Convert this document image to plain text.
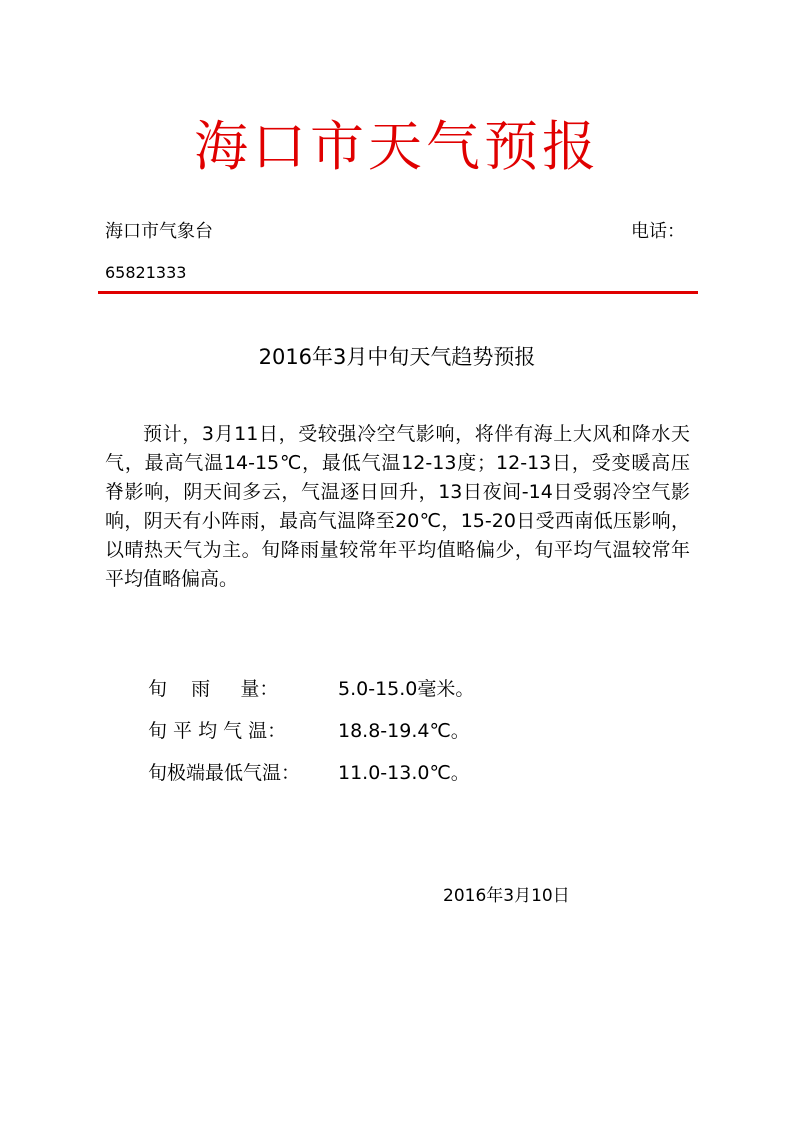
海口市天气预报
海口市气象台	电话：
65821333
2016年3月中旬天气趋势预报

预计，3月11日，受较强冷空气影响，将伴有海上大风和降水天气，最高气温14-15℃，最低气温12-13度；12-13日，受变暖高压脊影响，阴天间多云，气温逐日回升，13日夜间-14日受弱冷空气影响，阴天有小阵雨，最高气温降至20℃，15-20日受西南低压影响，以晴热天气为主。旬降雨量较常年平均值略偏少，旬平均气温较常年平均值略偏高。

旬    雨     量：	5.0-15.0毫米。
旬 平 均 气 温：	18.8-19.4℃。
旬极端最低气温：	11.0-13.0℃。
2016年3月10日
